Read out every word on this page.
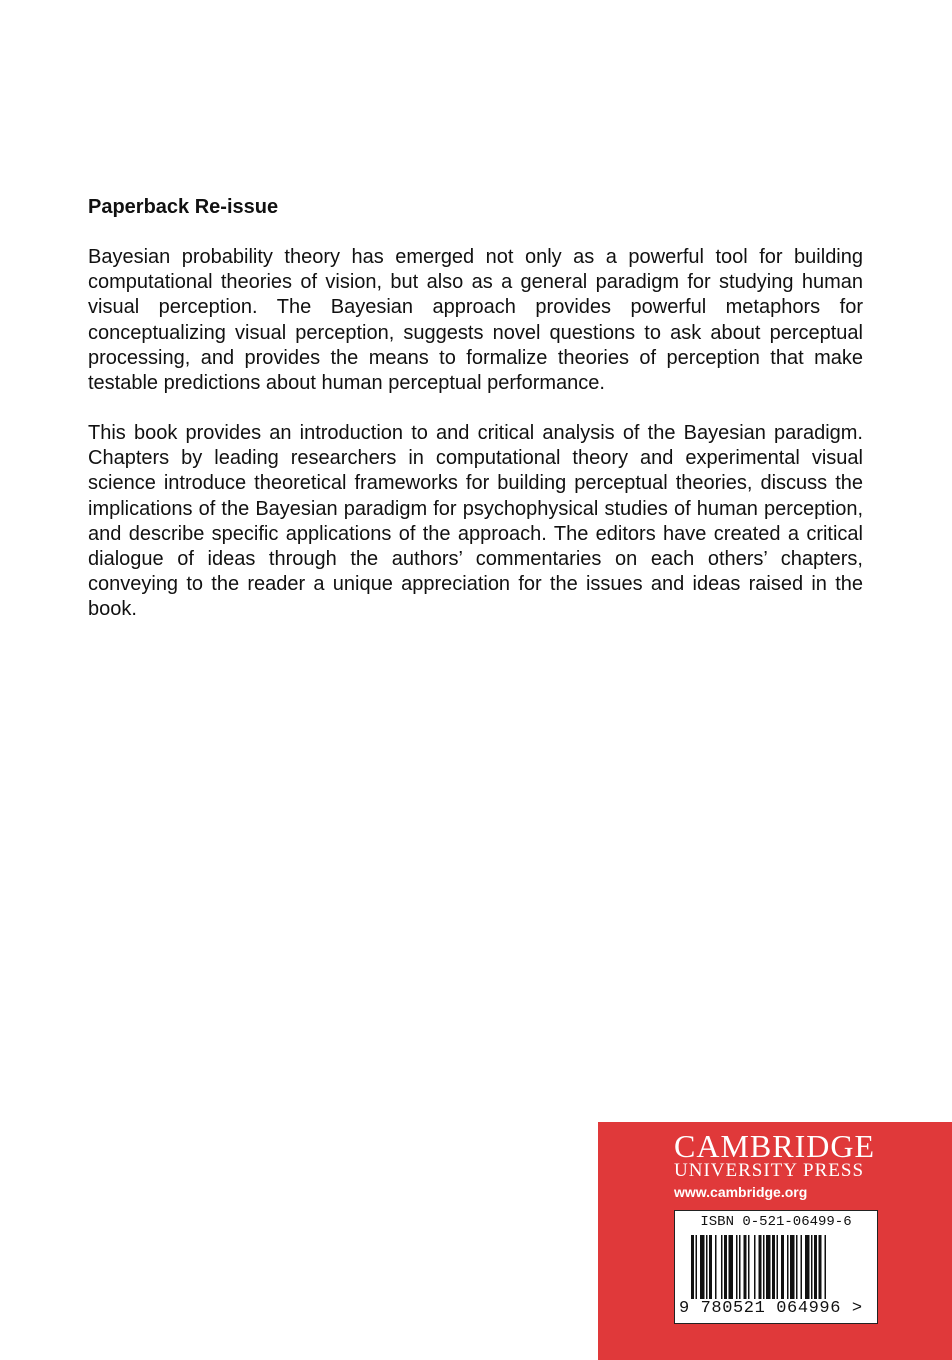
Paperback Re-issue

Bayesian probability theory has emerged not only as a powerful tool for building computational theories of vision, but also as a general paradigm for studying human visual perception. The Bayesian approach provides powerful metaphors for conceptualizing visual perception, suggests novel questions to ask about perceptual processing, and provides the means to formalize theories of perception that make testable predictions about human perceptual performance.

This book provides an introduction to and critical analysis of the Bayesian paradigm. Chapters by leading researchers in computational theory and experimental visual science introduce theoretical frameworks for building perceptual theories, discuss the implications of the Bayesian paradigm for psychophysical studies of human perception, and describe specific applications of the approach. The editors have created a critical dialogue of ideas through the authors’ commentaries on each others’ chapters, conveying to the reader a unique appreciation for the issues and ideas raised in the book.

CAMBRIDGE
UNIVERSITY PRESS
www.cambridge.org
ISBN 0-521-06499-6
9 780521 064996 >
